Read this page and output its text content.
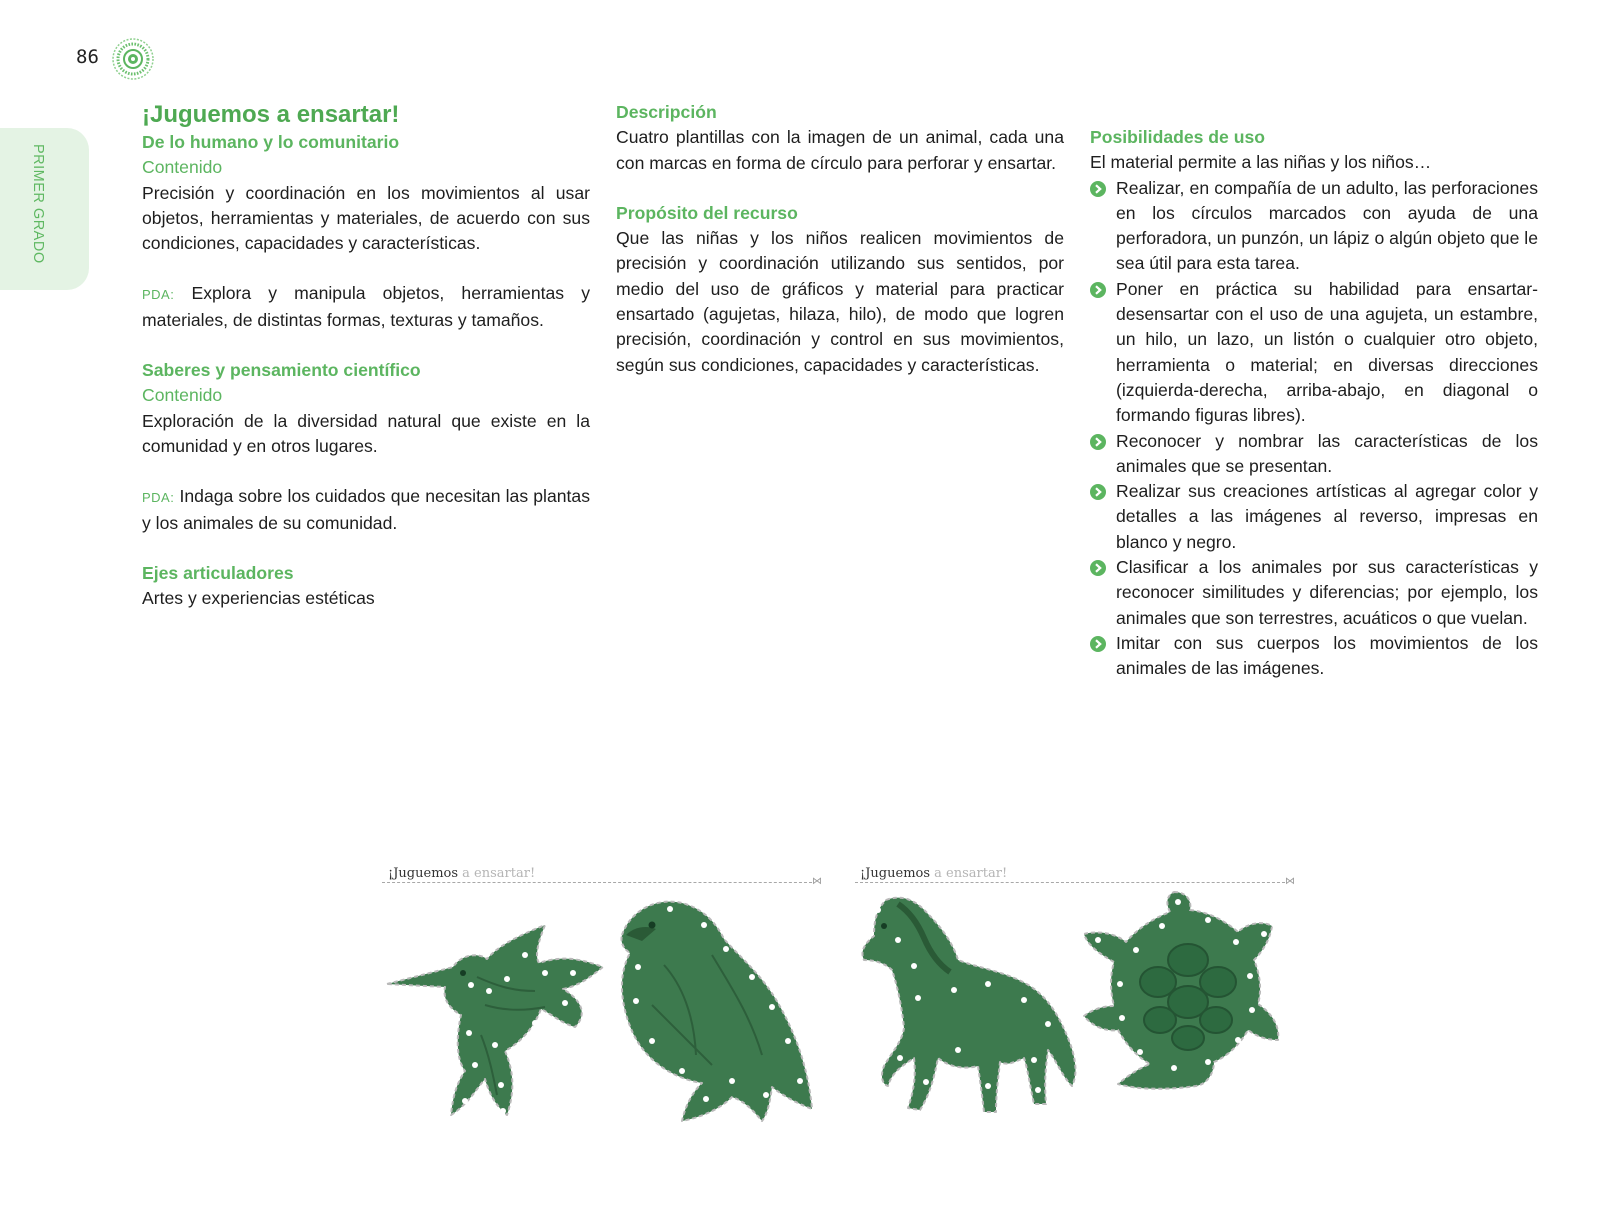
86
PRIMER GRADO

¡Juguemos a ensartar!

De lo humano y lo comunitario

Contenido

Precisión y coordinación en los movimientos al usar objetos, herramientas y materiales, de acuerdo con sus condiciones, capacidades y características.

PDA: Explora y manipula objetos, herramientas y materiales, de distintas formas, texturas y tamaños.

Saberes y pensamiento científico

Contenido

Exploración de la diversidad natural que existe en la comunidad y en otros lugares.

PDA: Indaga sobre los cuidados que necesitan las plantas y los animales de su comunidad.

Ejes articuladores

Artes y experiencias estéticas

Descripción

Cuatro plantillas con la imagen de un animal, cada una con marcas en forma de círculo para perforar y ensartar.

Propósito del recurso

Que las niñas y los niños realicen movimientos de precisión y coordinación utilizando sus sentidos, por medio del uso de gráficos y material para practicar ensartado (agujetas, hilaza, hilo), de modo que logren precisión, coordinación y control en sus movimientos, según sus condiciones, capacidades y características.

Posibilidades de uso

El material permite a las niñas y los niños…

Realizar, en compañía de un adulto, las perforaciones en los círculos marcados con ayuda de una perforadora, un punzón, un lápiz o algún objeto que le sea útil para esta tarea.
Poner en práctica su habilidad para ensartar-desensartar con el uso de una agujeta, un estambre, un hilo, un lazo, un listón o cualquier otro objeto, herramienta o material; en diversas direcciones (izquierda-derecha, arriba-abajo, en diagonal o formando figuras libres).
Reconocer y nombrar las características de los animales que se presentan.
Realizar sus creaciones artísticas al agregar color y detalles a las imágenes al reverso, impresas en blanco y negro.
Clasificar a los animales por sus características y reconocer similitudes y diferencias; por ejemplo, los animales que son terrestres, acuáticos o que vuelan.
Imitar con sus cuerpos los movimientos de los animales de las imágenes.
¡Juguemos a ensartar!
⋈
¡Juguemos a ensartar!
⋈
